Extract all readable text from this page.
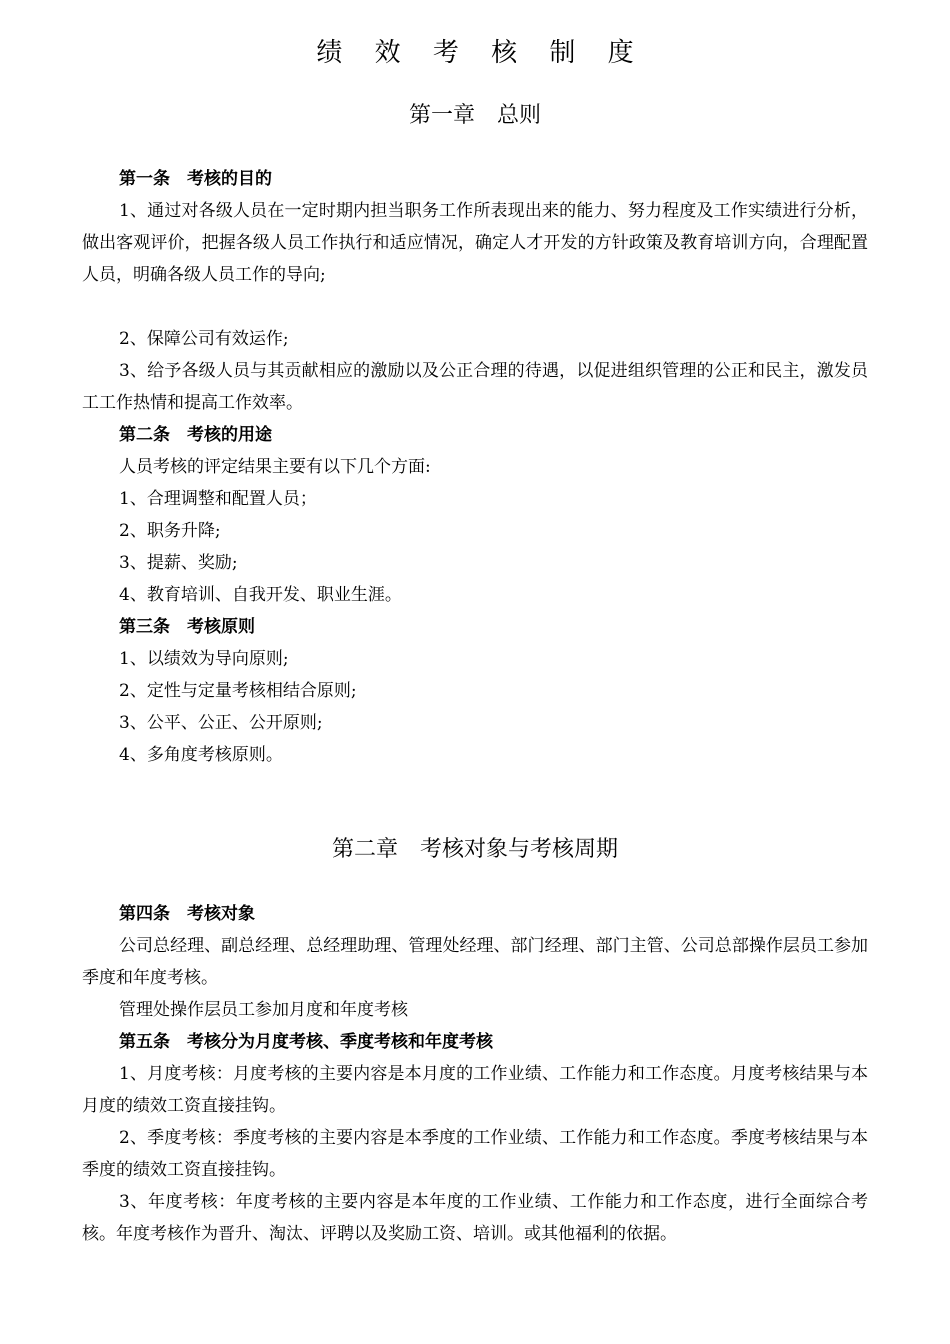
绩 效 考 核 制 度
第一章　总则
第一条　考核的目的

1、通过对各级人员在一定时期内担当职务工作所表现出来的能力、努力程度及工作实绩进行分析，做出客观评价，把握各级人员工作执行和适应情况，确定人才开发的方针政策及教育培训方向，合理配置人员，明确各级人员工作的导向;

2、保障公司有效运作;

3、给予各级人员与其贡献相应的激励以及公正合理的待遇，以促进组织管理的公正和民主，激发员工工作热情和提高工作效率。

第二条　考核的用途
人员考核的评定结果主要有以下几个方面:
1、合理调整和配置人员；
2、职务升降;
3、提薪、奖励;
4、教育培训、自我开发、职业生涯。
第三条　考核原则
1、以绩效为导向原则;
2、定性与定量考核相结合原则;
3、公平、公正、公开原则;
4、多角度考核原则。
第二章　考核对象与考核周期
第四条　考核对象

公司总经理、副总经理、总经理助理、管理处经理、部门经理、部门主管、公司总部操作层员工参加季度和年度考核。

管理处操作层员工参加月度和年度考核
第五条　考核分为月度考核、季度考核和年度考核

1、月度考核：月度考核的主要内容是本月度的工作业绩、工作能力和工作态度。月度考核结果与本月度的绩效工资直接挂钩。

2、季度考核：季度考核的主要内容是本季度的工作业绩、工作能力和工作态度。季度考核结果与本季度的绩效工资直接挂钩。

3、年度考核：年度考核的主要内容是本年度的工作业绩、工作能力和工作态度，进行全面综合考核。年度考核作为晋升、淘汰、评聘以及奖励工资、培训。或其他福利的依据。
